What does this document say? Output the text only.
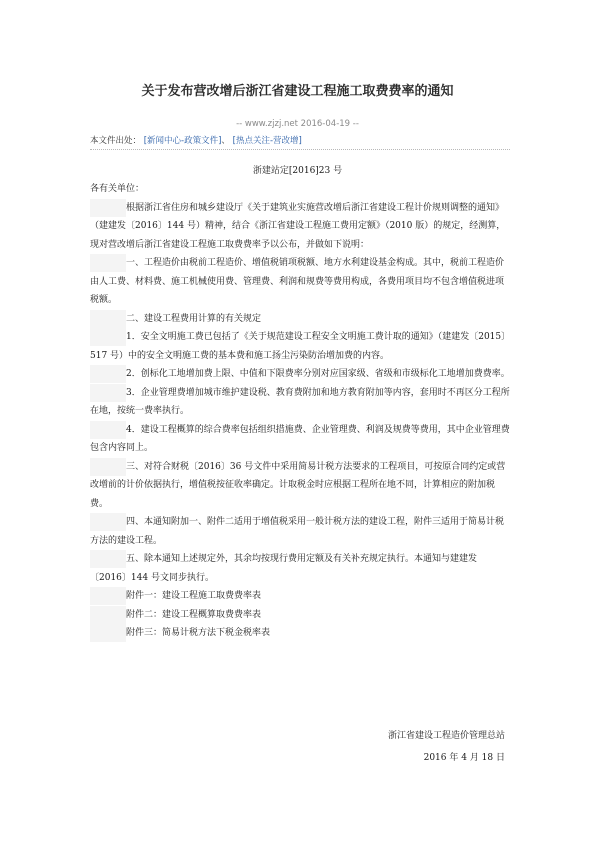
关于发布营改增后浙江省建设工程施工取费费率的通知
-- www.zjzj.net 2016-04-19 --
本文件出处： [新闻中心-政策文件]、 [热点关注-营改增]
浙建站定[2016]23 号

各有关单位：

根据浙江省住房和城乡建设厅《关于建筑业实施营改增后浙江省建设工程计价规则调整的通知》（建建发〔2016〕144 号）精神，结合《浙江省建设工程施工费用定额》（2010 版）的规定，经测算，现对营改增后浙江省建设工程施工取费费率予以公布，并做如下说明：

一、工程造价由税前工程造价、增值税销项税额、地方水利建设基金构成。其中，税前工程造价由人工费、材料费、施工机械使用费、管理费、利润和规费等费用构成，各费用项目均不包含增值税进项税额。

二、建设工程费用计算的有关规定

1．安全文明施工费已包括了《关于规范建设工程安全文明施工费计取的通知》（建建发〔2015〕517 号）中的安全文明施工费的基本费和施工扬尘污染防治增加费的内容。

2．创标化工地增加费上限、中值和下限费率分别对应国家级、省级和市级标化工地增加费费率。

3．企业管理费增加城市维护建设税、教育费附加和地方教育附加等内容，套用时不再区分工程所在地，按统一费率执行。

4．建设工程概算的综合费率包括组织措施费、企业管理费、利润及规费等费用，其中企业管理费包含内容同上。

三、对符合财税〔2016〕36 号文件中采用简易计税方法要求的工程项目，可按原合同约定或营改增前的计价依据执行，增值税按征收率确定。计取税金时应根据工程所在地不同，计算相应的附加税费。

四、本通知附加一、附件二适用于增值税采用一般计税方法的建设工程，附件三适用于简易计税方法的建设工程。

五、除本通知上述规定外，其余均按现行费用定额及有关补充规定执行。本通知与建建发〔2016〕144 号文同步执行。

附件一：建设工程施工取费费率表

附件二：建设工程概算取费费率表

附件三：简易计税方法下税金税率表

浙江省建设工程造价管理总站
2016 年 4 月 18 日
